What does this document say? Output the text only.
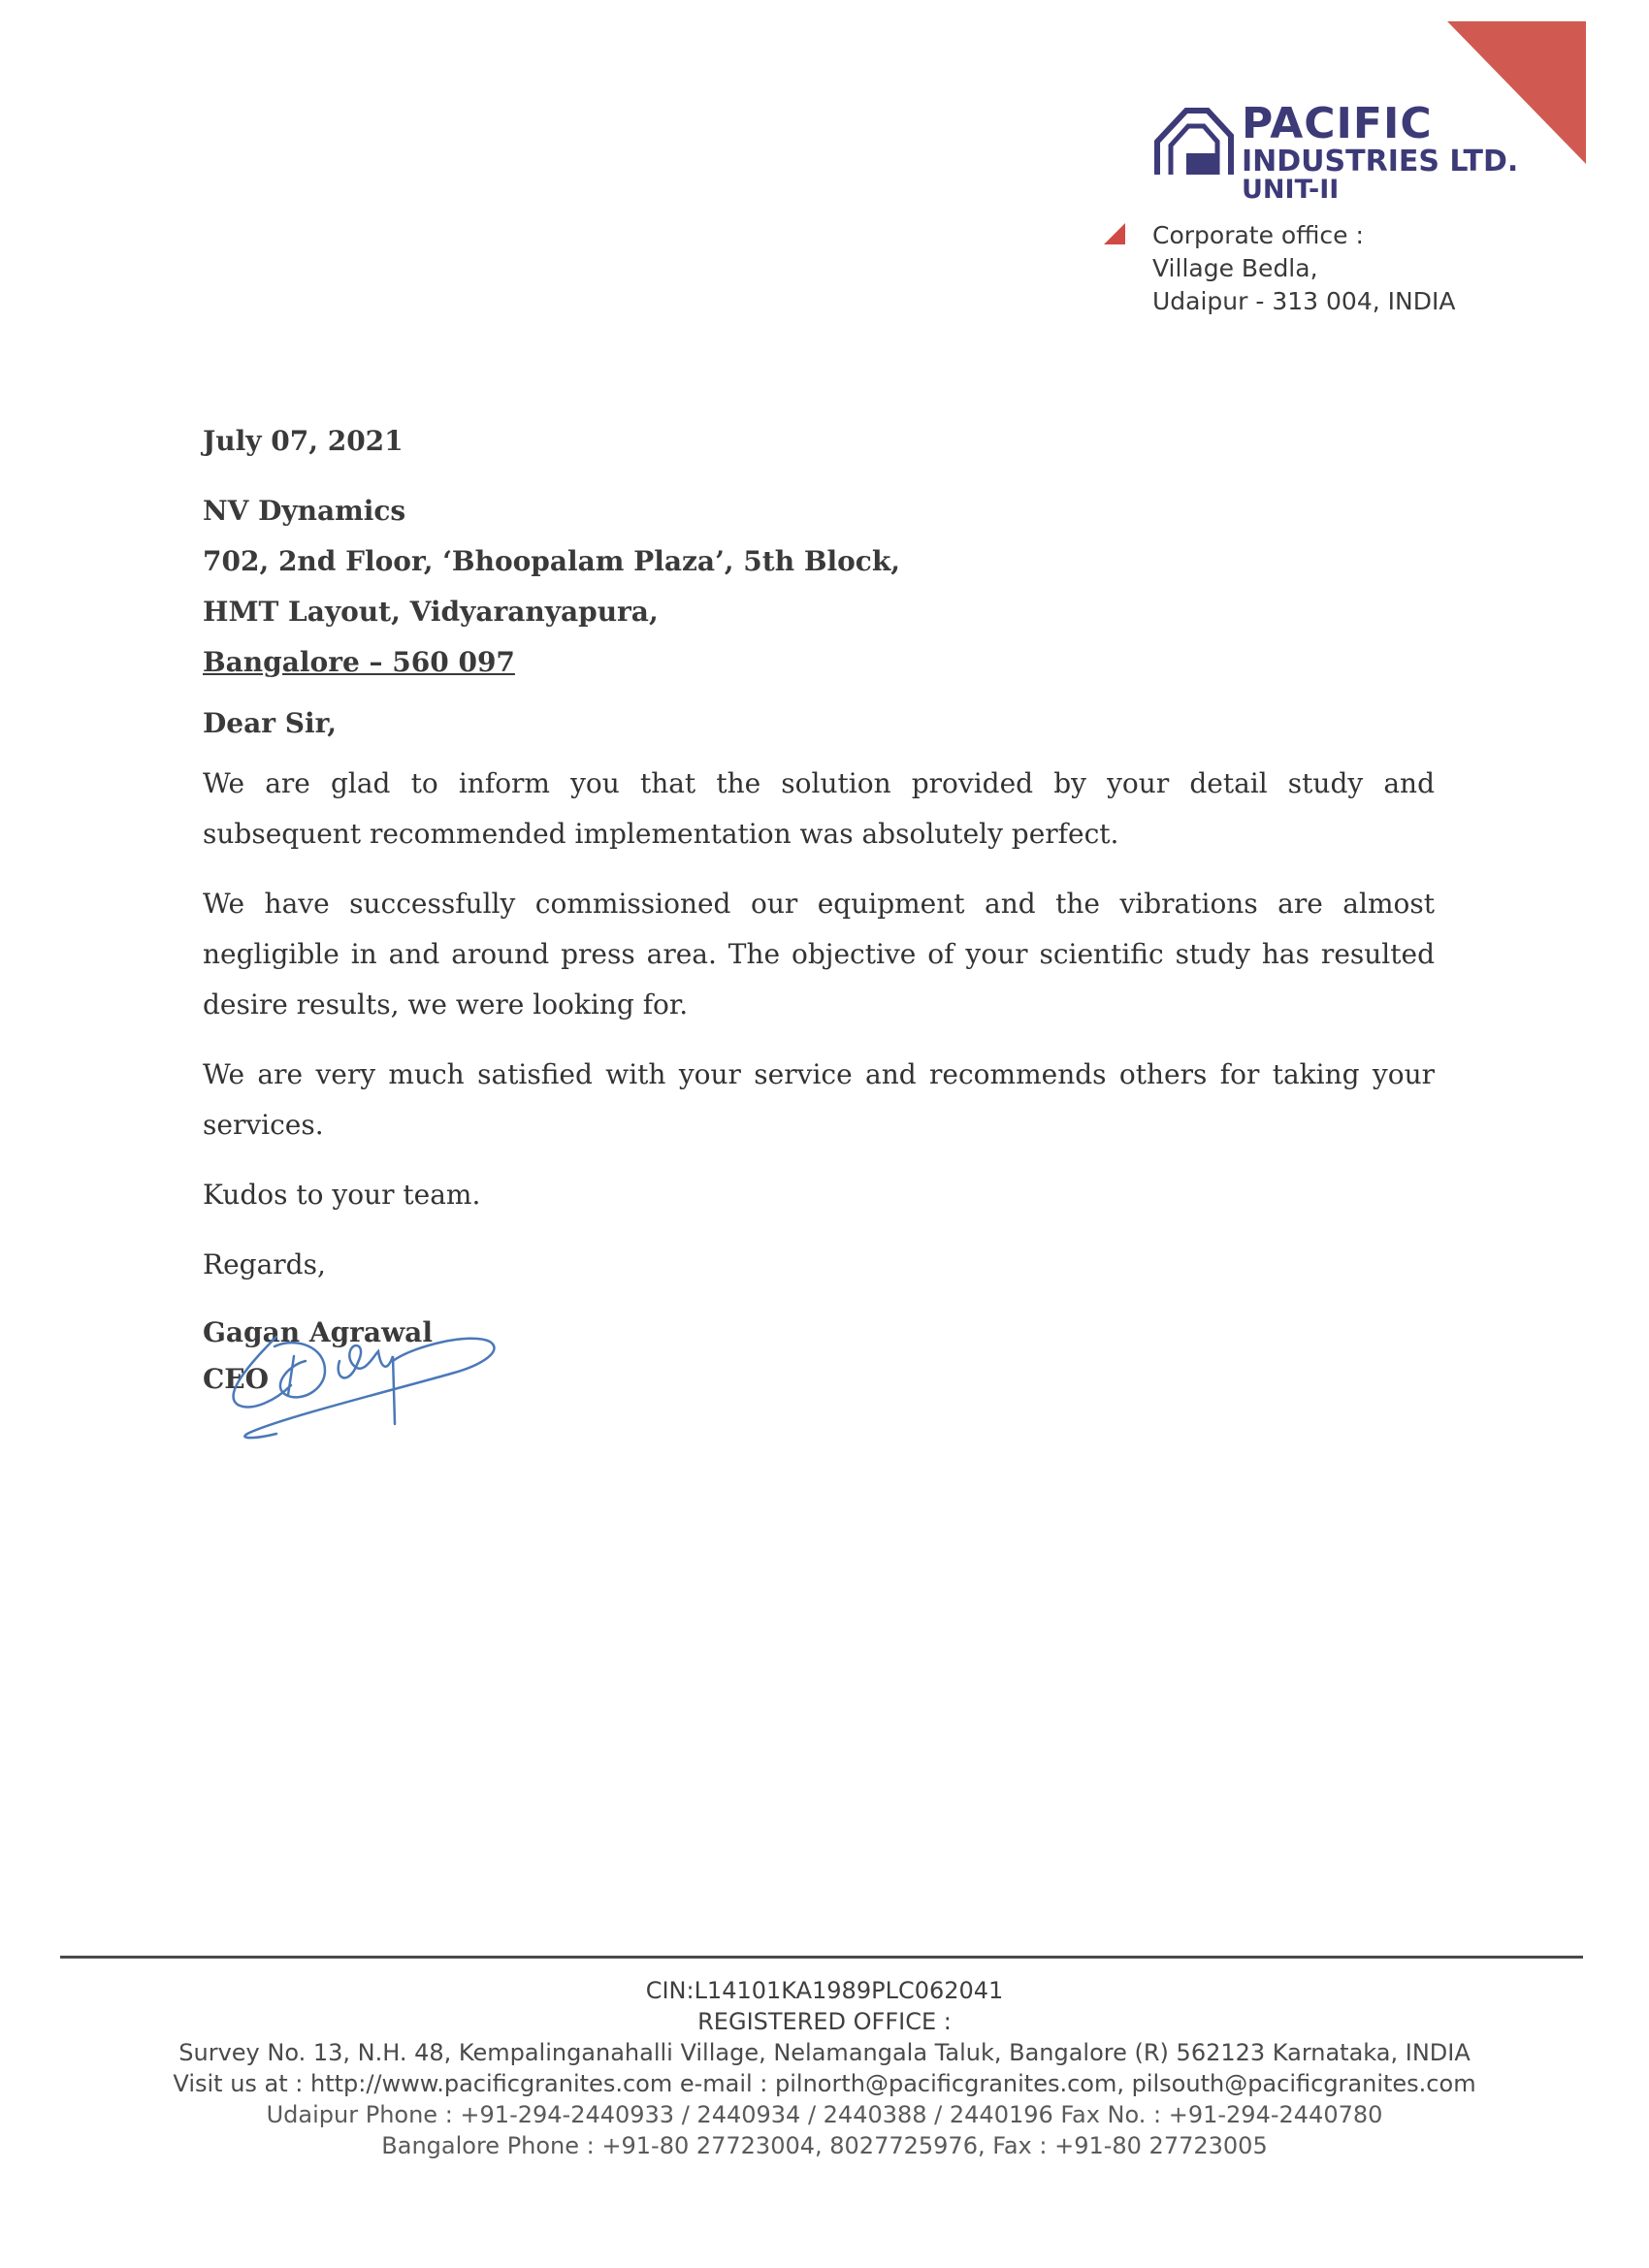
PACIFIC
INDUSTRIES LTD.
UNIT-II
Corporate office :
Village Bedla,
Udaipur - 313 004, INDIA

July 07, 2021

NV Dynamics
702, 2nd Floor, ‘Bhoopalam Plaza’, 5th Block,
HMT Layout, Vidyaranyapura,
Bangalore – 560 097

Dear Sir,

We are glad to inform you that the solution provided by your detail study and subsequent recommended implementation was absolutely perfect.

We have successfully commissioned our equipment and the vibrations are almost negligible in and around press area. The objective of your scientific study has resulted desire results, we were looking for.

We are very much satisfied with your service and recommends others for taking your services.

Kudos to your team.

Regards,

Gagan Agrawal
CEO
CIN:L14101KA1989PLC062041
REGISTERED OFFICE :
Survey No. 13, N.H. 48, Kempalinganahalli Village, Nelamangala Taluk, Bangalore (R) 562123 Karnataka, INDIA
Visit us at : http://www.pacificgranites.com e-mail : pilnorth@pacificgranites.com, pilsouth@pacificgranites.com
Udaipur Phone : +91-294-2440933 / 2440934 / 2440388 / 2440196 Fax No. : +91-294-2440780
Bangalore Phone : +91-80 27723004, 8027725976, Fax : +91-80 27723005
